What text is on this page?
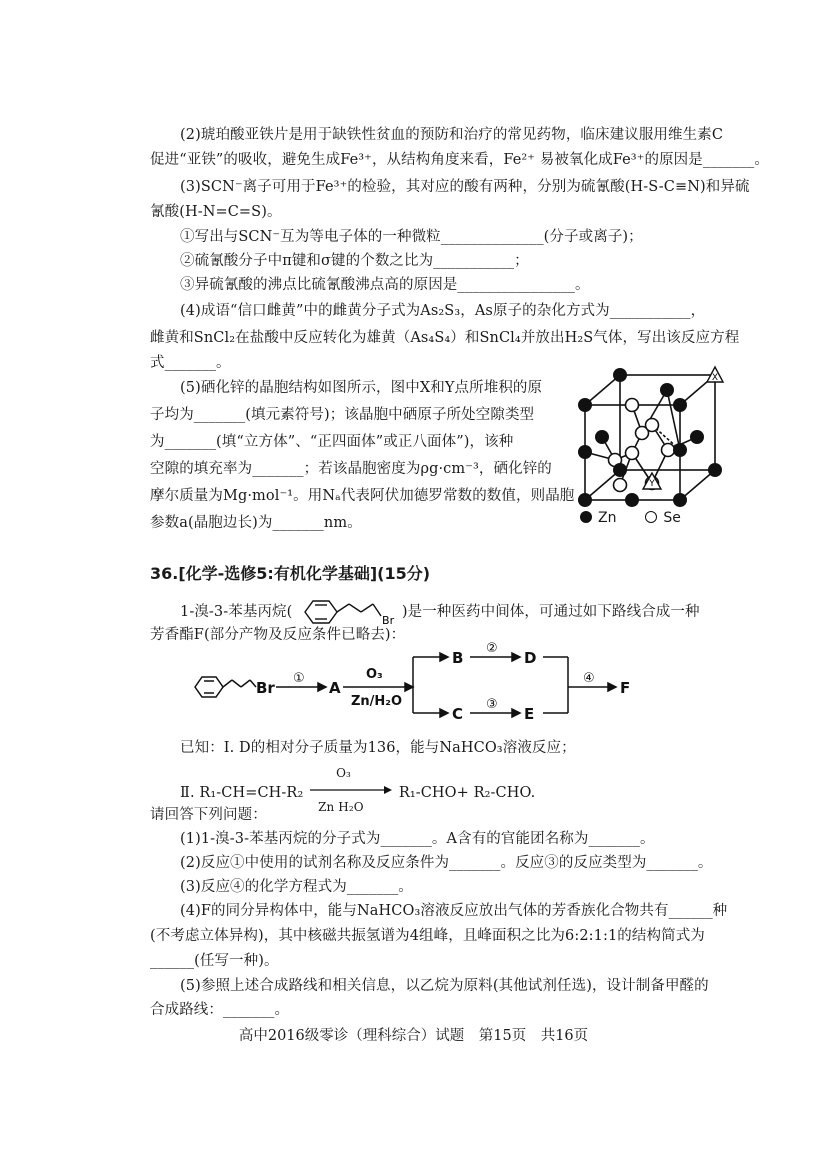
(2)琥珀酸亚铁片是用于缺铁性贫血的预防和治疗的常见药物，临床建议服用维生素C
促进“亚铁”的吸收，避免生成Fe³⁺，从结构角度来看，Fe²⁺ 易被氧化成Fe³⁺的原因是_______。
(3)SCN⁻离子可用于Fe³⁺的检验，其对应的酸有两种，分别为硫氰酸(H-S-C≡N)和异硫
氰酸(H-N=C=S)。
①写出与SCN⁻互为等电子体的一种微粒______________(分子或离子)；
②硫氰酸分子中π键和σ键的个数之比为___________；
③异硫氰酸的沸点比硫氰酸沸点高的原因是________________。
(4)成语“信口雌黄”中的雌黄分子式为As₂S₃，As原子的杂化方式为___________，
雌黄和SnCl₂在盐酸中反应转化为雄黄（As₄S₄）和SnCl₄并放出H₂S气体，写出该反应方程
式_______。
(5)硒化锌的晶胞结构如图所示，图中X和Y点所堆积的原
子均为_______(填元素符号)；该晶胞中硒原子所处空隙类型
为_______(填“立方体”、“正四面体”或正八面体”)，该种
空隙的填充率为_______；若该晶胞密度为ρg·cm⁻³，硒化锌的
摩尔质量为Mg·mol⁻¹。用Nₐ代表阿伏加德罗常数的数值，则晶胞
参数a(晶胞边长)为_______nm。
X
Y
Zn	Se
36.[化学-选修5:有机化学基础](15分)
1-溴-3-苯基丙烷(
Br
)是一种医药中间体，可通过如下路线合成一种
芳香酯F(部分产物及反应条件已略去)：
Br
①
A
O₃
Zn/H₂O
B
②
D
C
③
E
④
F
已知：Ⅰ. D的相对分子质量为136，能与NaHCO₃溶液反应；
Ⅱ. R₁-CH=CH-R₂
O₃
Zn H₂O
R₁-CHO+ R₂-CHO.
请回答下列问题：
(1)1-溴-3-苯基丙烷的分子式为_______。A含有的官能团名称为_______。
(2)反应①中使用的试剂名称及反应条件为_______。反应③的反应类型为_______。
(3)反应④的化学方程式为_______。
(4)F的同分异构体中，能与NaHCO₃溶液反应放出气体的芳香族化合物共有______种
(不考虑立体异构)，其中核磁共振氢谱为4组峰，且峰面积之比为6:2:1:1的结构简式为
______(任写一种)。
(5)参照上述合成路线和相关信息，以乙烷为原料(其他试剂任选)，设计制备甲醛的
合成路线：_______。
高中2016级零诊（理科综合）试题　第15页　共16页
